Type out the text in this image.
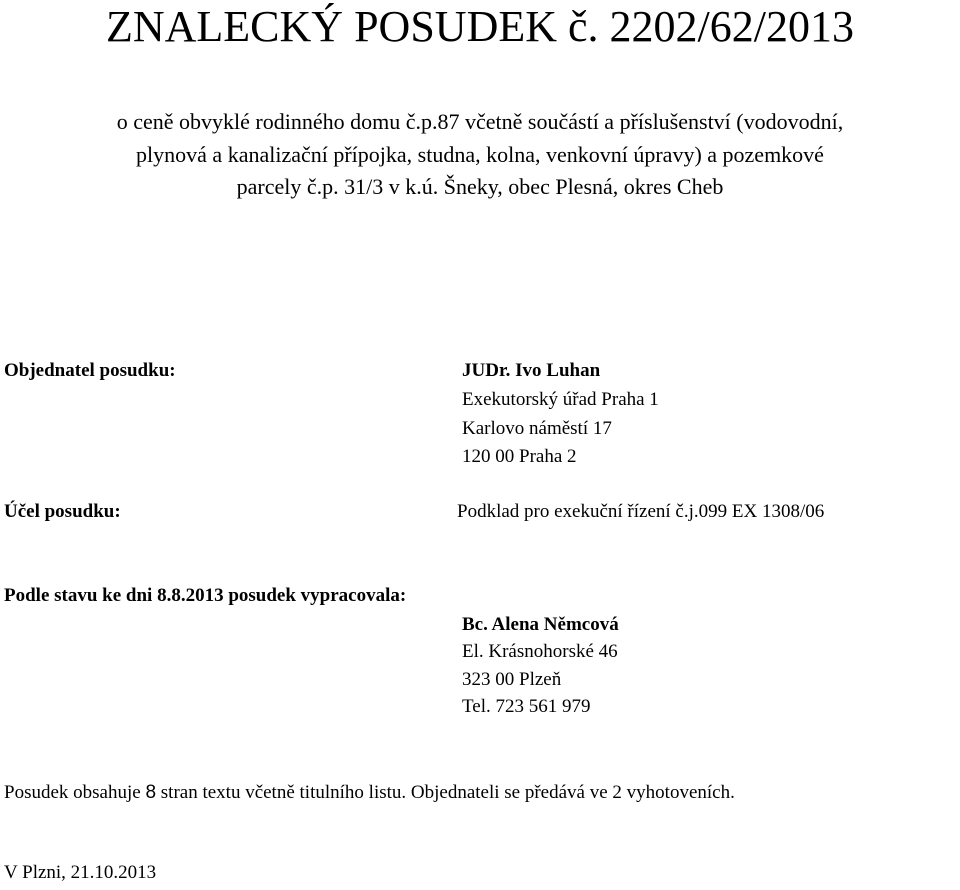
ZNALECKÝ POSUDEK č. 2202/62/2013
o ceně obvyklé rodinného domu č.p.87 včetně součástí a příslušenství (vodovodní,
plynová a kanalizační přípojka, studna, kolna, venkovní úpravy) a pozemkové
parcely č.p. 31/3 v k.ú. Šneky, obec Plesná, okres Cheb
Objednatel posudku:	JUDr. Ivo Luhan
Exekutorský úřad Praha 1
Karlovo náměstí 17
120 00 Praha 2
Účel posudku:	Podklad pro exekuční řízení č.j.099 EX 1308/06
Podle stavu ke dni 8.8.2013 posudek vypracovala:
Bc. Alena Němcová
El. Krásnohorské 46
323 00 Plzeň
Tel. 723 561 979
Posudek obsahuje 8 stran textu včetně titulního listu. Objednateli se předává ve 2 vyhotoveních.
V Plzni, 21.10.2013
